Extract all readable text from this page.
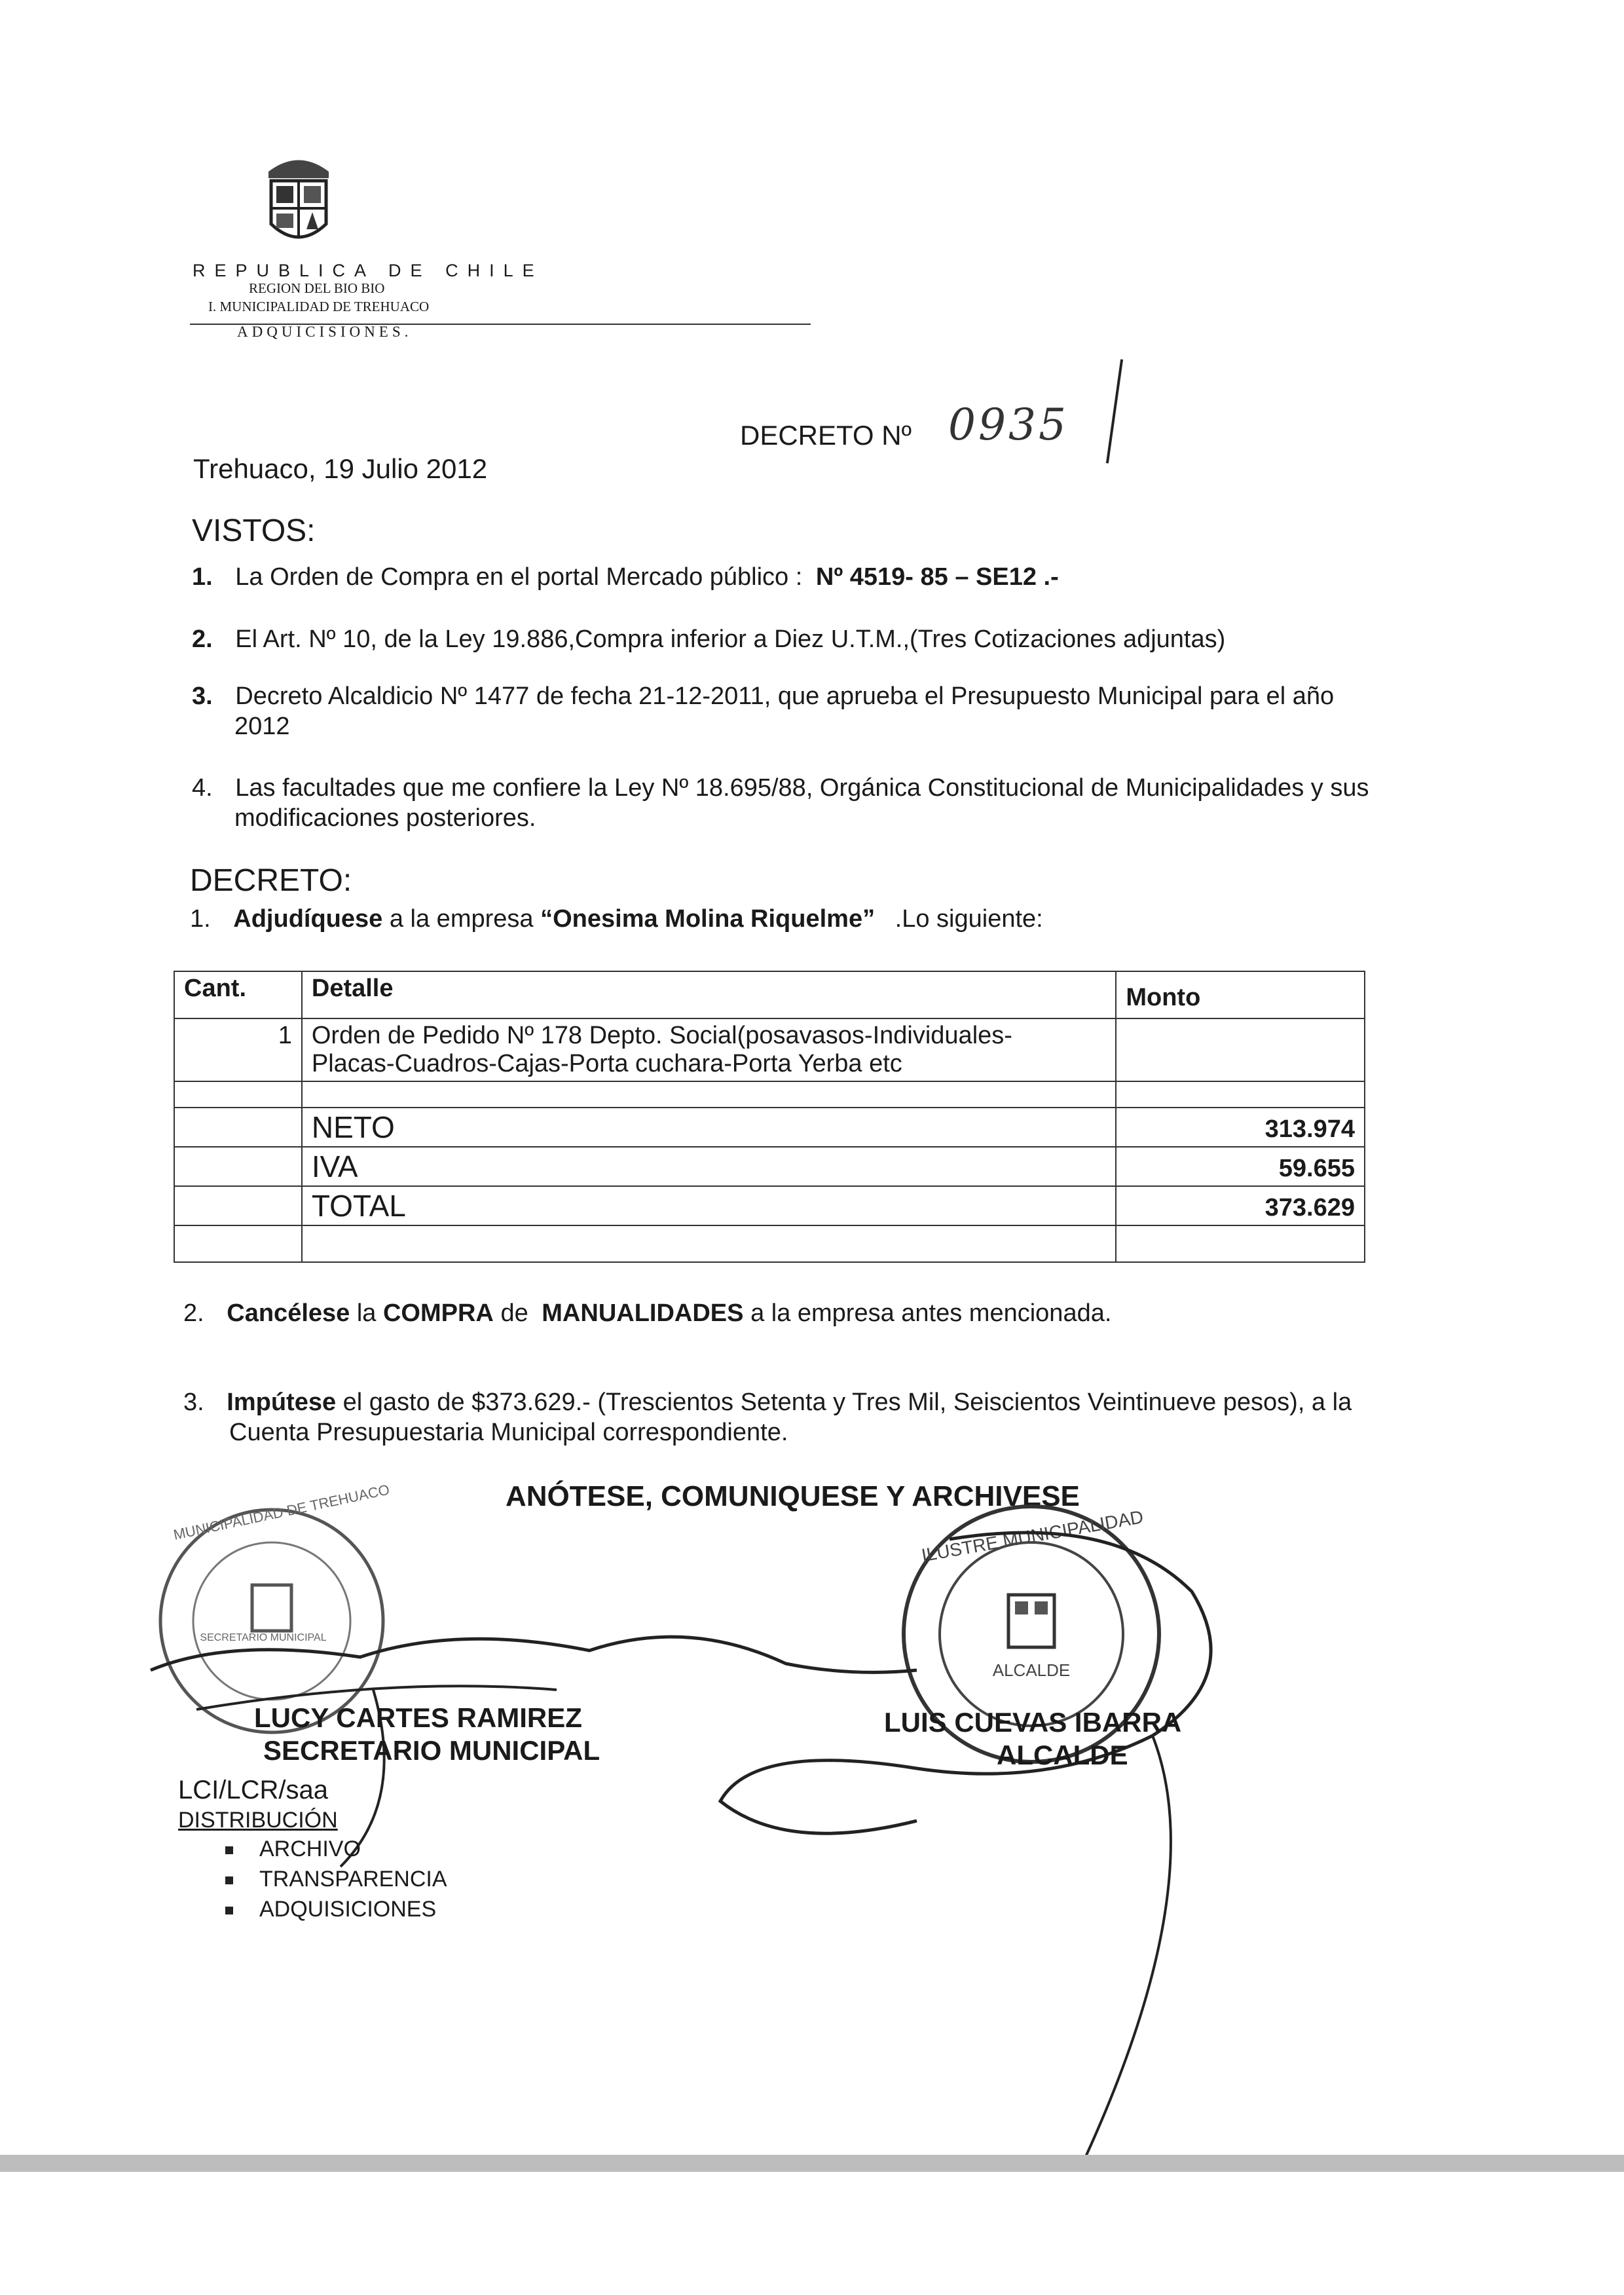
REPUBLICA DE CHILE
REGION DEL BIO BIO
I. MUNICIPALIDAD DE TREHUACO
ADQUICISIONES.
DECRETO Nº 0935
Trehuaco, 19 Julio 2012
VISTOS:
1. La Orden de Compra en el portal Mercado público : Nº 4519- 85 – SE12 .-
2. El Art. Nº 10, de la Ley 19.886,Compra inferior a Diez U.T.M.,(Tres Cotizaciones adjuntas)
3. Decreto Alcaldicio Nº 1477 de fecha 21-12-2011, que aprueba el Presupuesto Municipal para el año
2012
4. Las facultades que me confiere la Ley Nº 18.695/88, Orgánica Constitucional de Municipalidades y sus
modificaciones posteriores.
DECRETO:
1. Adjudíquese a la empresa “Onesima Molina Riquelme” .Lo siguiente:
Cant.	Detalle	Monto
1	Orden de Pedido Nº 178 Depto. Social(posavasos-Individuales-
Placas-Cuadros-Cajas-Porta cuchara-Porta Yerba etc	

	NETO	313.974
	IVA	59.655
	TOTAL	373.629

2. Cancélese la COMPRA de MANUALIDADES a la empresa antes mencionada.
3. Impútese el gasto de $373.629.- (Trescientos Setenta y Tres Mil, Seiscientos Veintinueve pesos), a la
Cuenta Presupuestaria Municipal correspondiente.
ANÓTESE, COMUNIQUESE Y ARCHIVESE
MUNICIPALIDAD DE TREHUACO
SECRETARIO MUNICIPAL
ILUSTRE MUNICIPALIDAD
ALCALDE
LUCY CARTES RAMIREZ
SECRETARIO MUNICIPAL
LUIS CUEVAS IBARRA
ALCALDE
LCI/LCR/saa
DISTRIBUCIÓN
ARCHIVO
TRANSPARENCIA
ADQUISICIONES
